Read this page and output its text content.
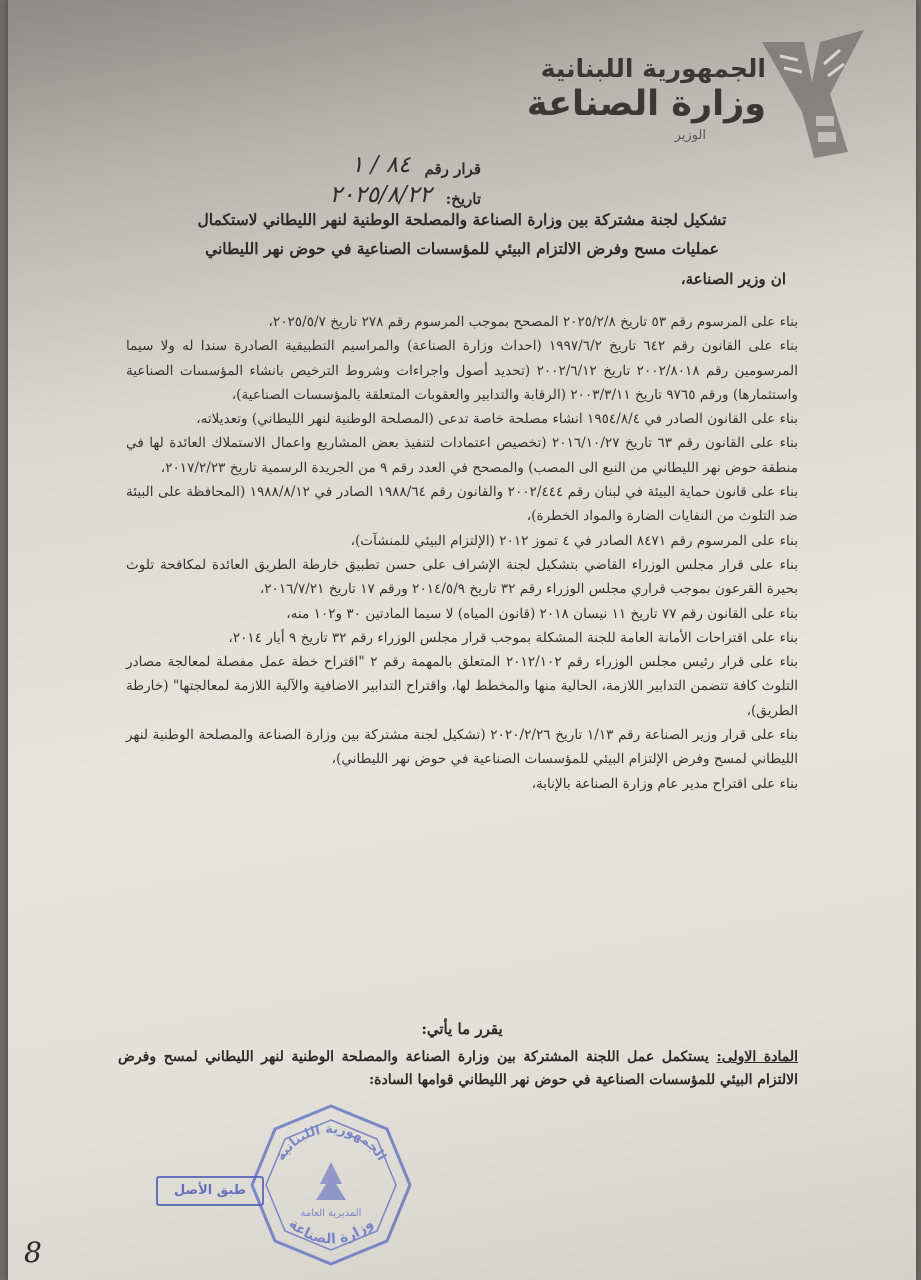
الجمهورية اللبنانية
وزارة الصناعة
الوزير
قرار رقم
٨٤ / ١
تاريخ:
٢٠٢٥/٨/٢٢
تشكيل لجنة مشتركة بين وزارة الصناعة والمصلحة الوطنية لنهر الليطاني لاستكمال
عمليات مسح وفرض الالتزام البيئي للمؤسسات الصناعية في حوض نهر الليطاني
ان وزير الصناعة،

بناء على المرسوم رقم ٥٣ تاريخ ٢٠٢٥/٢/٨ المصحح بموجب المرسوم رقم ٢٧٨ تاريخ ٢٠٢٥/٥/٧،

بناء على القانون رقم ٦٤٢ تاريخ ١٩٩٧/٦/٢ (احداث وزارة الصناعة) والمراسيم التطبيقية الصادرة سندا له ولا سيما المرسومين رقم ٢٠٠٢/٨٠١٨ تاريخ ٢٠٠٢/٦/١٢ (تحديد أصول واجراءات وشروط الترخيص بانشاء المؤسسات الصناعية واستثمارها) ورقم ٩٧٦٥ تاريخ ٢٠٠٣/٣/١١ (الرقابة والتدابير والعقوبات المتعلقة بالمؤسسات الصناعية)،

بناء على القانون الصادر في ١٩٥٤/٨/٤ انشاء مصلحة خاصة تدعى (المصلحة الوطنية لنهر الليطاني) وتعديلاته،

بناء على القانون رقم ٦٣ تاريخ ٢٠١٦/١٠/٢٧ (تخصيص اعتمادات لتنفيذ بعض المشاريع واعمال الاستملاك العائدة لها في منطقة حوض نهر الليطاني من النبع الى المصب) والمصحح في العدد رقم ٩ من الجريدة الرسمية تاريخ ٢٠١٧/٢/٢٣،

بناء على قانون حماية البيئة في لبنان رقم ٢٠٠٢/٤٤٤ والقانون رقم ١٩٨٨/٦٤ الصادر في ١٩٨٨/٨/١٢ (المحافظة على البيئة ضد التلوث من النفايات الضارة والمواد الخطرة)،

بناء على المرسوم رقم ٨٤٧١ الصادر في ٤ تموز ٢٠١٢ (الإلتزام البيئي للمنشآت)،

بناء على قرار مجلس الوزراء القاضي بتشكيل لجنة الإشراف على حسن تطبيق خارطة الطريق العائدة لمكافحة تلوث بحيرة القرعون بموجب قراري مجلس الوزراء رقم ٣٢ تاريخ ٢٠١٤/٥/٩ ورقم ١٧ تاريخ ٢٠١٦/٧/٢١،

بناء على القانون رقم ٧٧ تاريخ ١١ نيسان ٢٠١٨ (قانون المياه) لا سيما المادتين ٣٠ و١٠٢ منه،

بناء على اقتراحات الأمانة العامة للجنة المشكلة بموجب قرار مجلس الوزراء رقم ٣٢ تاريخ ٩ أيار ٢٠١٤،

بناء على قرار رئيس مجلس الوزراء رقم ٢٠١٢/١٠٢ المتعلق بالمهمة رقم ٢ "اقتراح خطة عمل مفصلة لمعالجة مصادر التلوث كافة تتضمن التدابير اللازمة، الحالية منها والمخطط لها، واقتراح التدابير الاضافية والآلية اللازمة لمعالجتها" (خارطة الطريق)،

بناء على قرار وزير الصناعة رقم ١/١٣ تاريخ ٢٠٢٠/٢/٢٦ (تشكيل لجنة مشتركة بين وزارة الصناعة والمصلحة الوطنية لنهر الليطاني لمسح وفرض الإلتزام البيئي للمؤسسات الصناعية في حوض نهر الليطاني)،

بناء على اقتراح مدير عام وزارة الصناعة بالإنابة،

يقرر ما يأتي:
المادة الاولى: يستكمل عمل اللجنة المشتركة بين وزارة الصناعة والمصلحة الوطنية لنهر الليطاني لمسح وفرض الالتزام البيئي للمؤسسات الصناعية في حوض نهر الليطاني قوامها السادة:
الجمهورية اللبنانية
المديرية العامة
وزارة الصناعة
طبق الأصل
8
